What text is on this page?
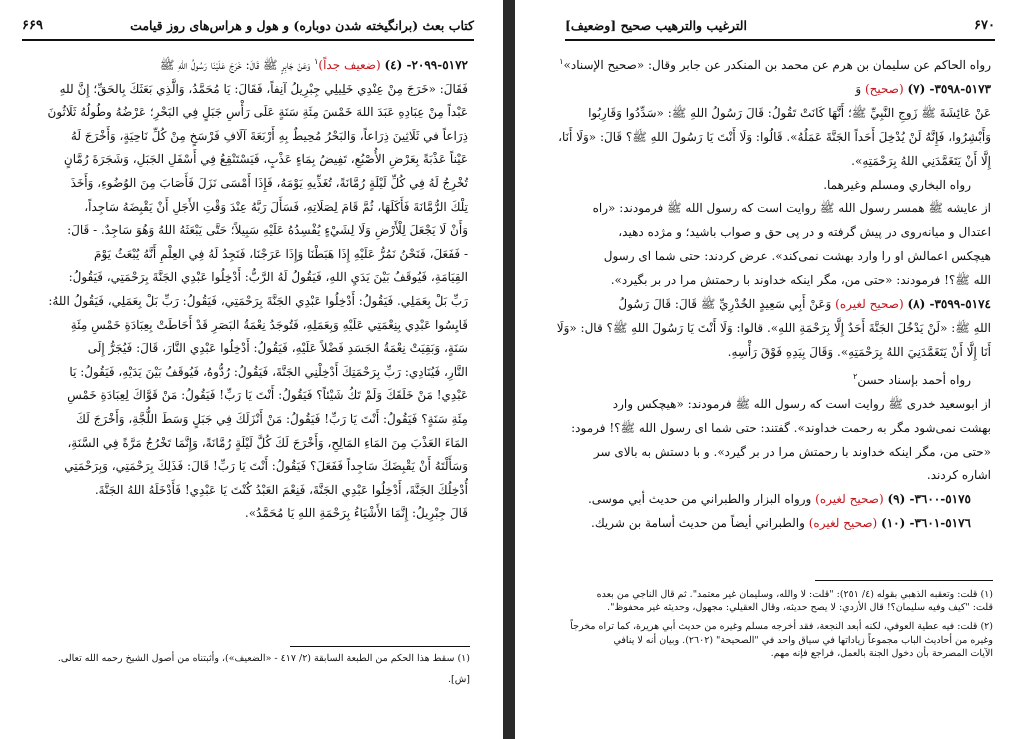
کتاب بعث (برانگیخته شدن دوباره) و هول و هراس‌های روز قیامت
۶۶۹
٥١٧٢-٢٠٩٩- (٤) (ضعيف جداً)$^١$ وَعَنْ جَابِرٍ ﷺ قَالَ: خَرَجَ عَلَيْنَا رَسُولُ اللهِ ﷺ
فَقَالَ: «خَرَجَ مِنْ عِنْدِي خَلِيلِي جِبْرِيلُ آنِفاً، فَقَالَ: يَا مُحَمَّدُ، وَالَّذِي بَعَثَكَ بِالحَقِّ؛ إِنَّ للهِ
عَبْداً مِنْ عِبَادِهِ عَبَدَ اللهَ خَمْسَ مِئَةِ سَنَةٍ عَلَى رَأْسِ جَبَلٍ فِي البَحْرِ؛ عَرْضُهُ وطُولُهُ ثَلَاثُونَ
ذِرَاعاً في ثَلَاثِينَ ذِرَاعاً، وَالبَحْرُ مُحِيطٌ بِهِ أَرْبَعَةَ آلَافِ فَرْسَخٍ مِنْ كُلِّ نَاحِيَةٍ، وَأَخْرَجَ لَهُ
عَيْناً عَذْبَةً بِعَرْضِ الأُصْبُعِ، تَفِيضُ بِمَاءٍ عَذْبٍ، فَيَسْتَنْقِعُ فِي أَسْفَلِ الجَبَلِ، وَشَجَرَةَ رُمَّانٍ
تُخْرِجُ لَهُ فِي كُلِّ لَيْلَةٍ رُمَّانَةً، تُغَذِّيهِ يَوْمَهُ، فَإِذَا أَمْسَى نَزَلَ فَأَصَابَ مِنَ الوُضُوءِ، وَأَخَذَ
تِلْكَ الرُّمَّانَةَ فَأَكَلَهَا، ثُمَّ قَامَ لِصَلَاتِهِ، فَسَأَلَ رَبَّهُ عِنْدَ وَقْتِ الأَجَلِ أَنْ يَقْبِضَهُ سَاجِداً،
وَأَنْ لَا يَجْعَلَ لِلْأَرْضِ وَلَا لِشَيْءٍ يُفْسِدُهُ عَلَيْهِ سَبِيلاً؛ حَتَّى يَبْعَثَهُ اللهُ وَهُوَ سَاجِدٌ. - قَالَ:
- فَفَعَلَ، فَنَحْنُ نَمُرُّ عَلَيْهِ إِذَا هَبَطْنَا وَإِذَا عَرَجْنَا، فَنَجِدُ لَهُ فِي العِلْمِ أَنَّهُ يُبْعَثُ يَوْمَ
القِيَامَةِ، فَيُوقَفُ بَيْنَ يَدَيِ اللهِ، فَيَقُولُ لَهُ الرَّبُّ: أَدْخِلُوا عَبْدِي الجَنَّةَ بِرَحْمَتِي، فَيَقُولُ:
رَبِّ بَلْ بِعَمَلِي. فَيَقُولُ: أَدْخِلُوا عَبْدِي الجَنَّةَ بِرَحْمَتِي، فَيَقُولُ: رَبِّ بَلْ بِعَمَلِي، فَيَقُولُ اللهُ:
قَايِسُوا عَبْدِي بِنِعْمَتِي عَلَيْهِ وَبِعَمَلِهِ، فَتُوجَدُ نِعْمَةُ البَصَرِ قَدْ أَحَاطَتْ بِعِبَادَةِ خَمْسِ مِئَةِ
سَنَةٍ، وَبَقِيَتْ نِعْمَةُ الجَسَدِ فَضْلاً عَلَيْهِ، فَيَقُولُ: أَدْخِلُوا عَبْدِي النَّارَ، قَالَ: فَيُجَرُّ إِلَى
النَّارِ، فَيُنَادِي: رَبِّ بِرَحْمَتِكَ أَدْخِلْنِي الجَنَّةَ، فَيَقُولُ: رُدُّوهُ، فَيُوقَفُ بَيْنَ يَدَيْهِ، فَيَقُولُ: يَا
عَبْدِي! مَنْ خَلَقَكَ وَلَمْ تَكُ شَيْئاً؟ فَيَقُولُ: أَنْتَ يَا رَبِّ! فَيَقُولُ: مَنْ قَوَّاكَ لِعِبَادَةِ خَمْسِ
مِئَةِ سَنَةٍ؟ فَيَقُولُ: أَنْتَ يَا رَبِّ! فَيَقُولُ: مَنْ أَنْزَلَكَ فِي جَبَلٍ وَسَطَ اللُّجَّةِ، وَأَخْرَجَ لَكَ
المَاءَ العَذْبَ مِنَ المَاءِ المَالِحِ، وَأَخْرَجَ لَكَ كُلَّ لَيْلَةٍ رُمَّانَةً، وَإِنَّمَا تَخْرُجُ مَرَّةً فِي السَّنَةِ،
وَسَأَلْتَهُ أَنْ يَقْبِضَكَ سَاجِداً فَفَعَلَ؟ فَيَقُولُ: أَنْتَ يَا رَبِّ! قَالَ: فَذَلِكَ بِرَحْمَتِي، وَبِرَحْمَتِي
أُدْخِلُكَ الجَنَّةَ، أَدْخِلُوا عَبْدِي الجَنَّةَ، فَنِعْمَ العَبْدُ كُنْتَ يَا عَبْدِي! فَأَدْخَلَهُ اللهُ الجَنَّةَ.
قَالَ جِبْرِيلُ: إِنَّمَا الأَشْيَاءُ بِرَحْمَةِ اللهِ يَا مُحَمَّدُ».
(١) سقط هذا الحكم من الطبعة السابقة (٢/ ٤١٧ - «الضعيف»)، وأثبتناه من أصول الشيخ رحمه الله تعالى.
[ش].
۶۷۰
الترغيب والترهيب صحيح [وضعيف]
رواه الحاكم عن سليمان بن هرم عن محمد بن المنكدر عن جابر وقال: «صحيح الإسناد»$^١$
٥١٧٣-٣٥٩٨- (٧) (صحيح) وَ
عَنْ عَائِشَةَ ﷺ زَوجِ النَّبِيِّ ﷺ؛ أَنَّهَا كَانَتْ تَقُولُ: قَالَ رَسُولُ اللهِ ﷺ: «سَدِّدُوا وَقَارِبُوا
وَأَبْشِرُوا، فَإِنَّهُ لَنْ يُدْخِلَ أَحَداً الجَنَّةَ عَمَلُهُ». قَالُوا: وَلَا أَنْتَ يَا رَسُولَ اللهِ ﷺ؟ قَالَ: «وَلَا أَنَا،
إِلَّا أَنْ يَتَغَمَّدَنِي اللهُ بِرَحْمَتِهِ».
رواه البخاري ومسلم وغيرهما.
از عایشه ﷺ همسر رسول الله ﷺ روایت است که رسول الله ﷺ فرمودند: «راه
اعتدال و میانه‌روی در پیش گرفته و در پی حق و صواب باشید؛ و مژده دهید،
هیچکس اعمالش او را وارد بهشت نمی‌کند». عرض کردند: حتی شما ای رسول
الله ﷺ؟! فرمودند: «حتی من، مگر اینکه خداوند با رحمتش مرا در بر بگیرد».
٥١٧٤-٣٥٩٩- (٨) (صحيح لغيره) وَعَنْ أَبِي سَعِيدٍ الخُدْرِيِّ ﷺ قَالَ: قَالَ رَسُولُ
اللهِ ﷺ: «لَنْ يَدْخُلَ الجَنَّةَ أَحَدٌ إِلَّا بِرَحْمَةِ اللهِ». قالوا: وَلَا أَنْتَ يَا رَسُولَ اللهِ ﷺ؟ قال: «وَلَا
أَنَا إِلَّا أَنْ يَتَغَمَّدَنِيَ اللهُ بِرَحْمَتِهِ». وَقَالَ بِيَدِهِ فَوْقَ رَأْسِهِ.
رواه أحمد بإسناد حسن$^٢$
از ابوسعید خدری ﷺ روایت است که رسول الله ﷺ فرمودند: «هیچکس وارد
بهشت نمی‌شود مگر به رحمت خداوند». گفتند: حتی شما ای رسول الله ﷺ؟! فرمود:
«حتی من، مگر اینکه خداوند با رحمتش مرا در بر گیرد». و با دستش به بالای سر
اشاره کردند.
٥١٧٥-٣٦٠٠- (٩) (صحيح لغيره) ورواه البزار والطبراني من حديث أبي موسى.
٥١٧٦-٣٦٠١- (١٠) (صحيح لغيره) والطبراني أيضاً من حديث أسامة بن شريك.
(١) قلت: وتعقبه الذهبي بقوله (٤/ ٢٥١): "قلت: لا والله، وسليمان غير معتمد". ثم قال الناجي من بعده
قلت: "كيف وفيه سليمان؟! قال الأزدي: لا يصح حديثه، وقال العقيلي: مجهول، وحديثه غير محفوظ".
(٢) قلت: فيه عطية العوفي، لكنه أبعد النجعة، فقد أخرجه مسلم وغيره من حديث أبي هريرة، كما تراه مخرجاً
وغيره من أحاديث الباب مجموعاً زياداتها في سياق واحد في "الصحيحة" (٢٦٠٢). وبيان أنه لا ينافي
الآيات المصرحة بأن دخول الجنة بالعمل، فراجع فإنه مهم.
